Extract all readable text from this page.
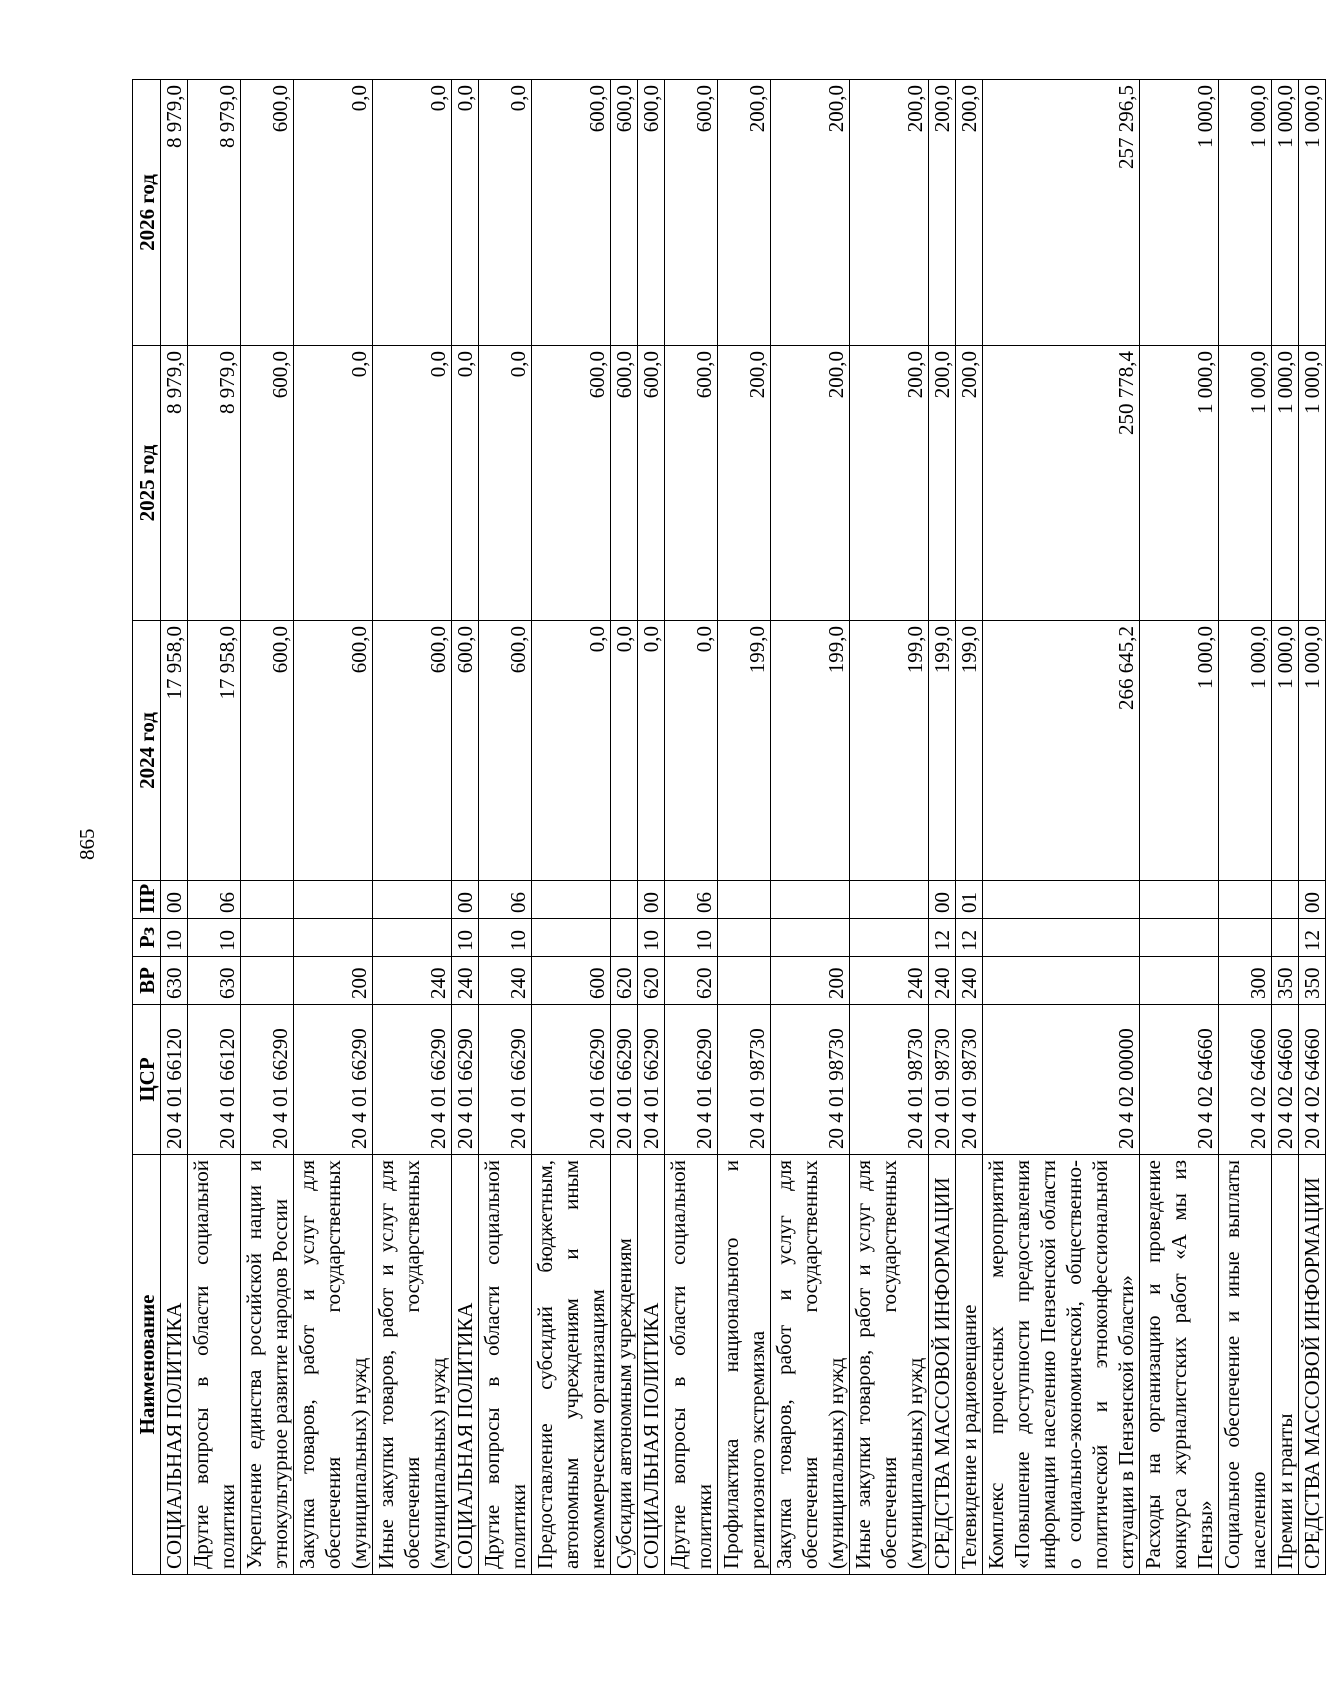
865
Наименование	ЦСР	ВР	Рз	ПР	2024 год	2025 год	2026 год
СОЦИАЛЬНАЯ ПОЛИТИКА	20 4 01 66120	630	10	00	17 958,0	8 979,0	8 979,0
Другие вопросы в области социальной политики	20 4 01 66120	630	10	06	17 958,0	8 979,0	8 979,0
Укрепление единства российской нации и этнокультурное развитие народов России	20 4 01 66290				600,0	600,0	600,0
Закупка товаров, работ и услуг для обеспечения государственных (муниципальных) нужд	20 4 01 66290	200			600,0	0,0	0,0
Иные закупки товаров, работ и услуг для обеспечения государственных (муниципальных) нужд	20 4 01 66290	240			600,0	0,0	0,0
СОЦИАЛЬНАЯ ПОЛИТИКА	20 4 01 66290	240	10	00	600,0	0,0	0,0
Другие вопросы в области социальной политики	20 4 01 66290	240	10	06	600,0	0,0	0,0
Предоставление субсидий бюджетным, автономным учреждениям и иным некоммерческим организациям	20 4 01 66290	600			0,0	600,0	600,0
Субсидии автономным учреждениям	20 4 01 66290	620			0,0	600,0	600,0
СОЦИАЛЬНАЯ ПОЛИТИКА	20 4 01 66290	620	10	00	0,0	600,0	600,0
Другие вопросы в области социальной политики	20 4 01 66290	620	10	06	0,0	600,0	600,0
Профилактика национального и религиозного экстремизма	20 4 01 98730				199,0	200,0	200,0
Закупка товаров, работ и услуг для обеспечения государственных (муниципальных) нужд	20 4 01 98730	200			199,0	200,0	200,0
Иные закупки товаров, работ и услуг для обеспечения государственных (муниципальных) нужд	20 4 01 98730	240			199,0	200,0	200,0
СРЕДСТВА МАССОВОЙ ИНФОРМАЦИИ	20 4 01 98730	240	12	00	199,0	200,0	200,0
Телевидение и радиовещание	20 4 01 98730	240	12	01	199,0	200,0	200,0
Комплекс процессных мероприятий «Повышение доступности предоставления информации населению Пензенской области о социально-экономической, общественно-политической и этноконфессиональной ситуации в Пензенской области»	20 4 02 00000				266 645,2	250 778,4	257 296,5
Расходы на организацию и проведение конкурса журналистских работ «А мы из Пензы»	20 4 02 64660				1 000,0	1 000,0	1 000,0
Социальное обеспечение и иные выплаты населению	20 4 02 64660	300			1 000,0	1 000,0	1 000,0
Премии и гранты	20 4 02 64660	350			1 000,0	1 000,0	1 000,0
СРЕДСТВА МАССОВОЙ ИНФОРМАЦИИ	20 4 02 64660	350	12	00	1 000,0	1 000,0	1 000,0
